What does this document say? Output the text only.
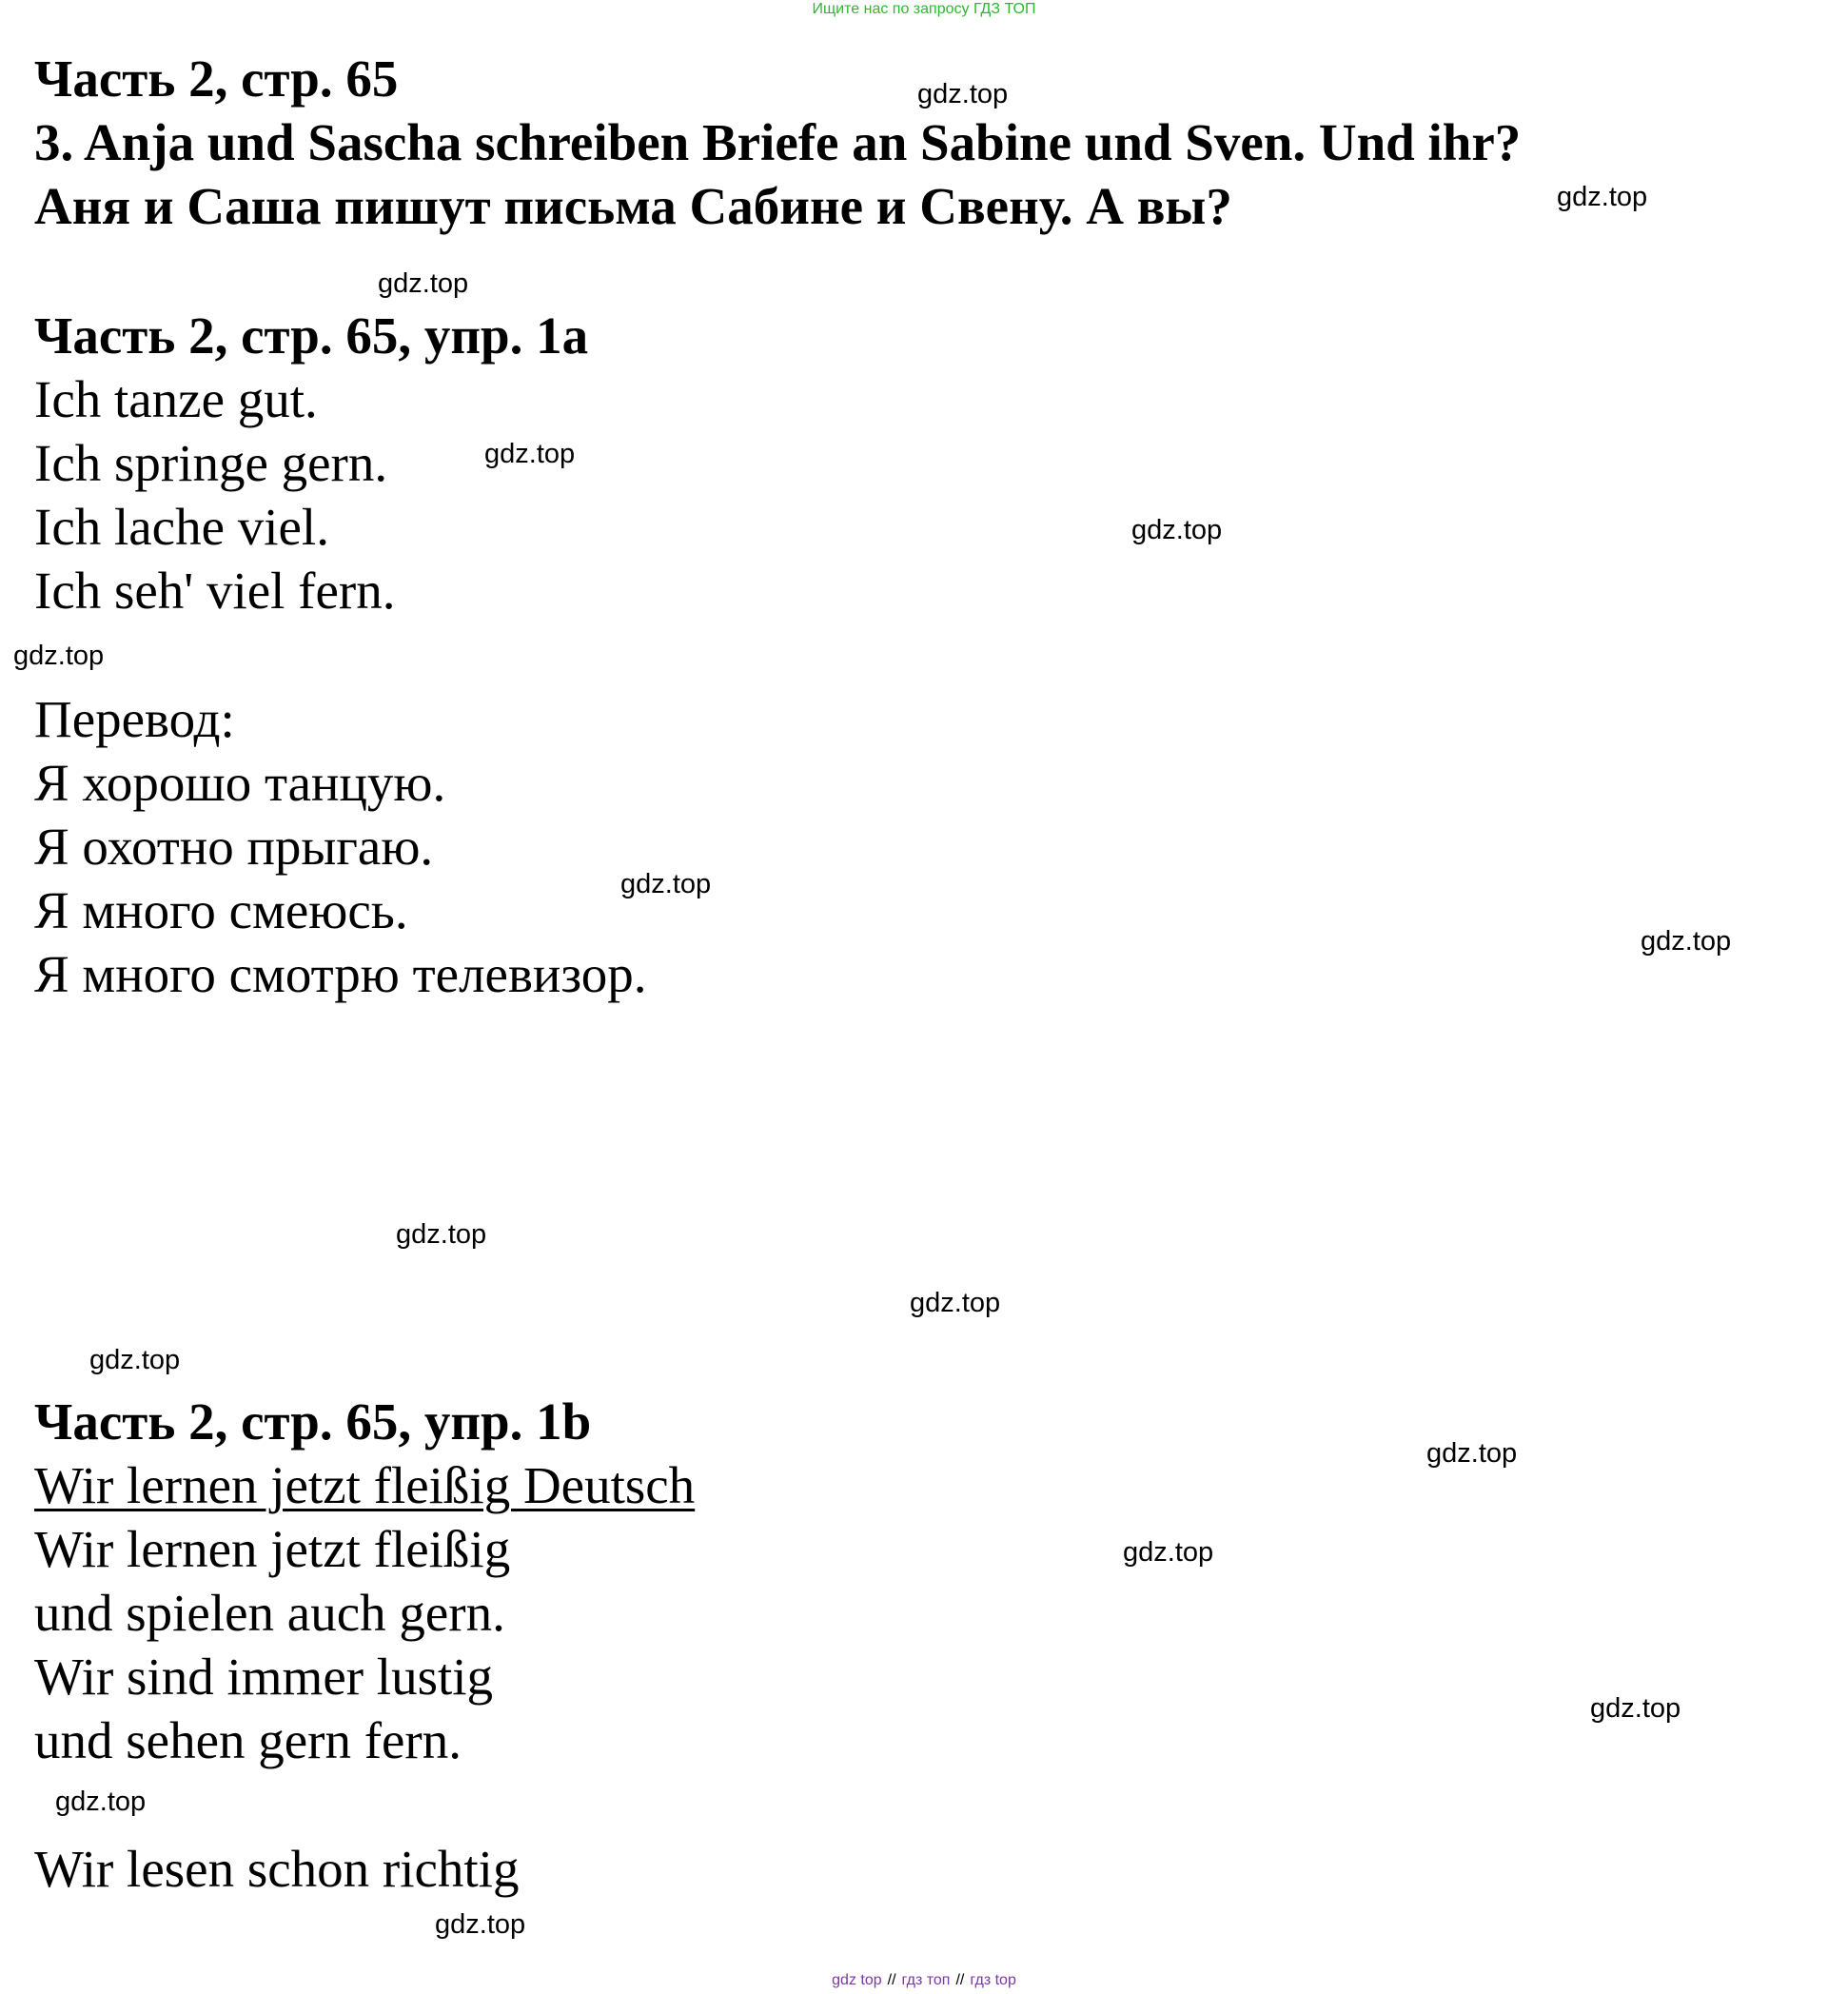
Ищите нас по запросу ГДЗ ТОП
Часть 2, стр. 65
3. Anja und Sascha schreiben Briefe an Sabine und Sven. Und ihr?
Аня и Саша пишут письма Сабине и Свену. А вы?
Часть 2, стр. 65, упр. 1а
Ich tanze gut.
Ich springe gern.
Ich lache viel.
Ich seh' viel fern.
Перевод:
Я хорошо танцую.
Я охотно прыгаю.
Я много смеюсь.
Я много смотрю телевизор.
Часть 2, стр. 65, упр. 1b
Wir lernen jetzt fleißig Deutsch
Wir lernen jetzt fleißig
und spielen auch gern.
Wir sind immer lustig
und sehen gern fern.
Wir lesen schon richtig
gdz.top
gdz.top
gdz.top
gdz.top
gdz.top
gdz.top
gdz.top
gdz.top
gdz.top
gdz.top
gdz.top
gdz.top
gdz.top
gdz.top
gdz.top
gdz.top
gdz top // гдз топ // гдз top
